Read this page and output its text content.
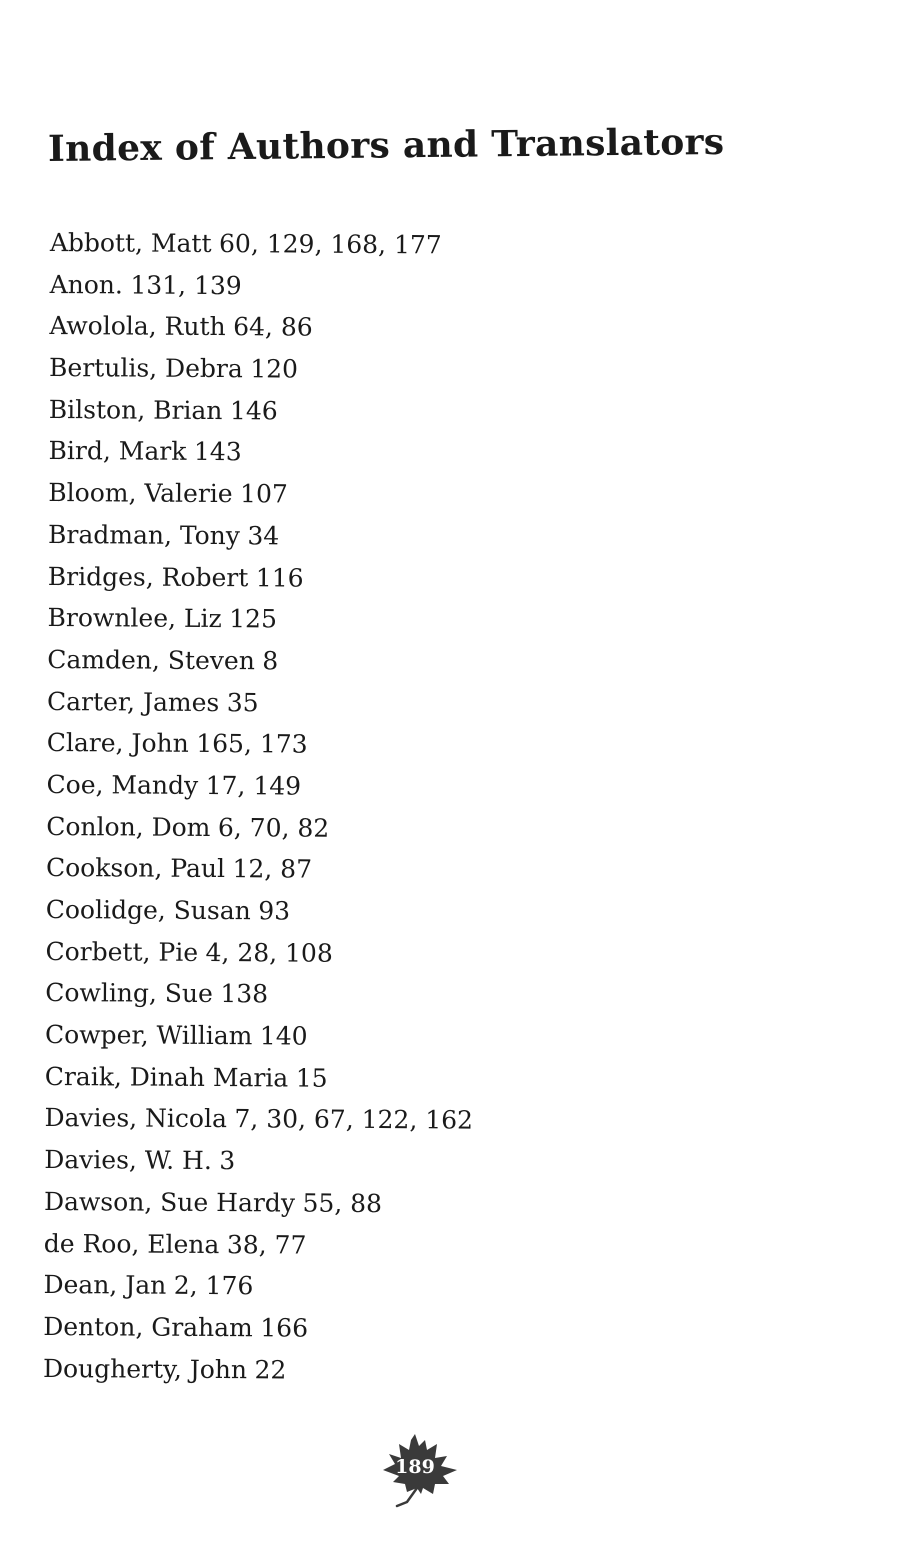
Index of Authors and Translators
Abbott, Matt 60, 129, 168, 177
Anon. 131, 139
Awolola, Ruth 64, 86
Bertulis, Debra 120
Bilston, Brian 146
Bird, Mark 143
Bloom, Valerie 107
Bradman, Tony 34
Bridges, Robert 116
Brownlee, Liz 125
Camden, Steven 8
Carter, James 35
Clare, John 165, 173
Coe, Mandy 17, 149
Conlon, Dom 6, 70, 82
Cookson, Paul 12, 87
Coolidge, Susan 93
Corbett, Pie 4, 28, 108
Cowling, Sue 138
Cowper, William 140
Craik, Dinah Maria 15
Davies, Nicola 7, 30, 67, 122, 162
Davies, W. H. 3
Dawson, Sue Hardy 55, 88
de Roo, Elena 38, 77
Dean, Jan 2, 176
Denton, Graham 166
Dougherty, John 22
189
